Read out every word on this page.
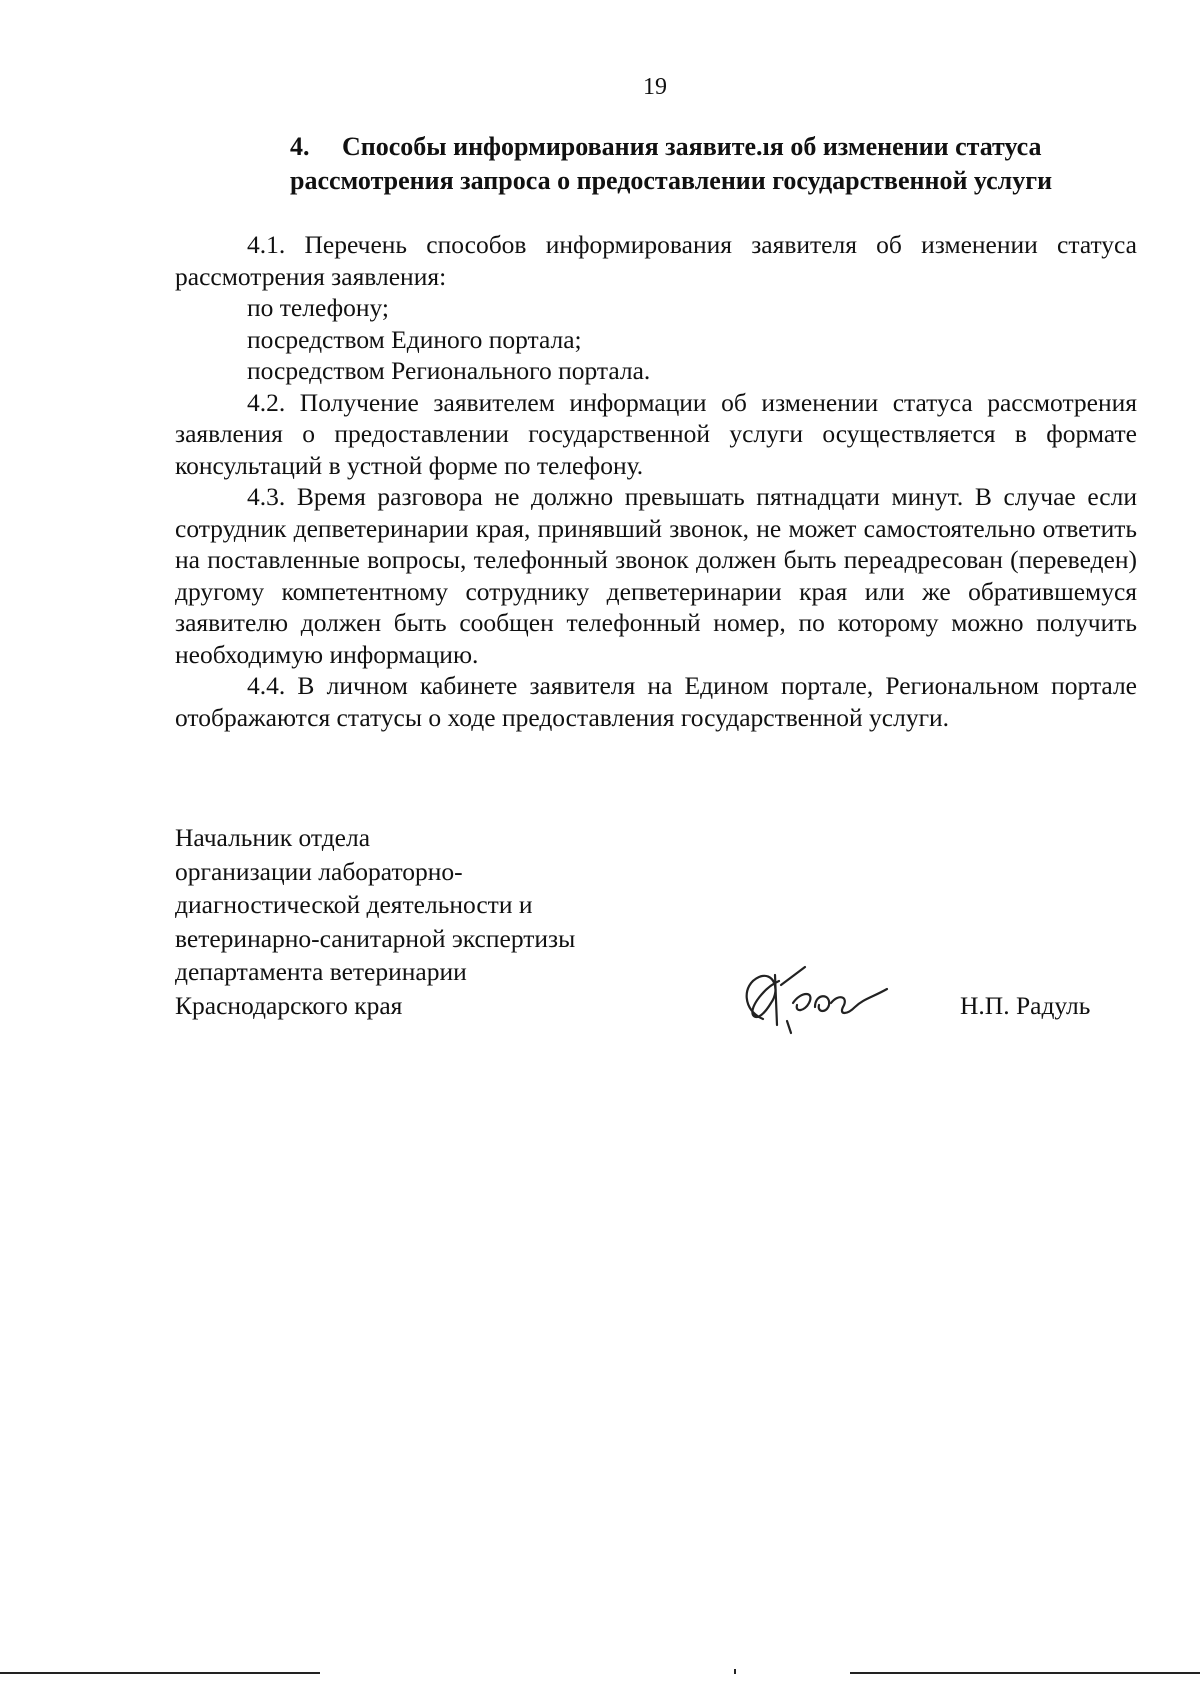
19
4. Способы информирования заявите.ıя об изменении статуса
рассмотрения запроса о предоставлении государственной услуги

4.1. Перечень способов информирования заявителя об изменении статуса рассмотрения заявления:

по телефону;

посредством Единого портала;

посредством Регионального портала.

4.2. Получение заявителем информации об изменении статуса рассмотрения заявления о предоставлении государственной услуги осуществляется в формате консультаций в устной форме по телефону.

4.3. Время разговора не должно превышать пятнадцати минут. В случае если сотрудник депветеринарии края, принявший звонок, не может самостоятельно ответить на поставленные вопросы, телефонный звонок должен быть переадресован (переведен) другому компетентному сотруднику депветеринарии края или же обратившемуся заявителю должен быть сообщен телефонный номер, по которому можно получить необходимую информацию.

4.4. В личном кабинете заявителя на Едином портале, Региональном портале отображаются статусы о ходе предоставления государственной услуги.

Начальник отдела
организации лабораторно-
диагностической деятельности и
ветеринарно-санитарной экспертизы
департамента ветеринарии
Краснодарского края	Н.П. Радуль
